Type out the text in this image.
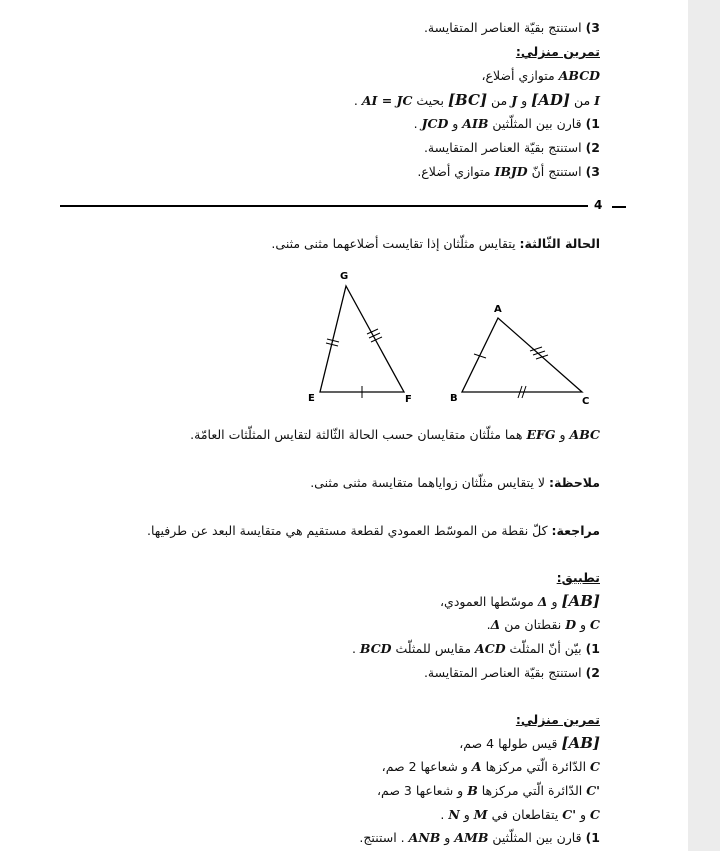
3) استنتج بقيّة العناصر المتقايسة.
تمرين منزلي:
ABCD متوازي أضلاع،
I من [AD] و J من [BC] بحيث AI = JC .
1) قارن بين المثلّثين AIB و JCD .
2) استنتج بقيّة العناصر المتقايسة.
3) استنتج أنّ IBJD متوازي أضلاع.
4
الحالة الثّالثة: يتقايس مثلّثان إذا تقايست أضلاعهما مثنى مثنى.
G
E	F
A
B	C
ABC و EFG هما مثلّثان متقايسان حسب الحالة الثّالثة لتقايس المثلّثات العامّة.
ملاحظة: لا يتقايس مثلّثان زواياهما متقايسة مثنى مثنى.
مراجعة: كلّ نقطة من الموسّط العمودي لقطعة مستقيم هي متقايسة البعد عن طرفيها.
تطبيق:
[AB] و Δ موسّطها العمودي،
C و D نقطتان من Δ.
1) بيّن أنّ المثلّث ACD مقايس للمثلّث BCD .
2) استنتج بقيّة العناصر المتقايسة.
تمرين منزلي:
[AB] قيس طولها 4 صم،
C الدّائرة الّتي مركزها A و شعاعها 2 صم،
C' الدّائرة الّتي مركزها B و شعاعها 3 صم،
C و C' يتقاطعان في M و N .
1) قارن بين المثلّثين AMB و ANB . استنتج.
